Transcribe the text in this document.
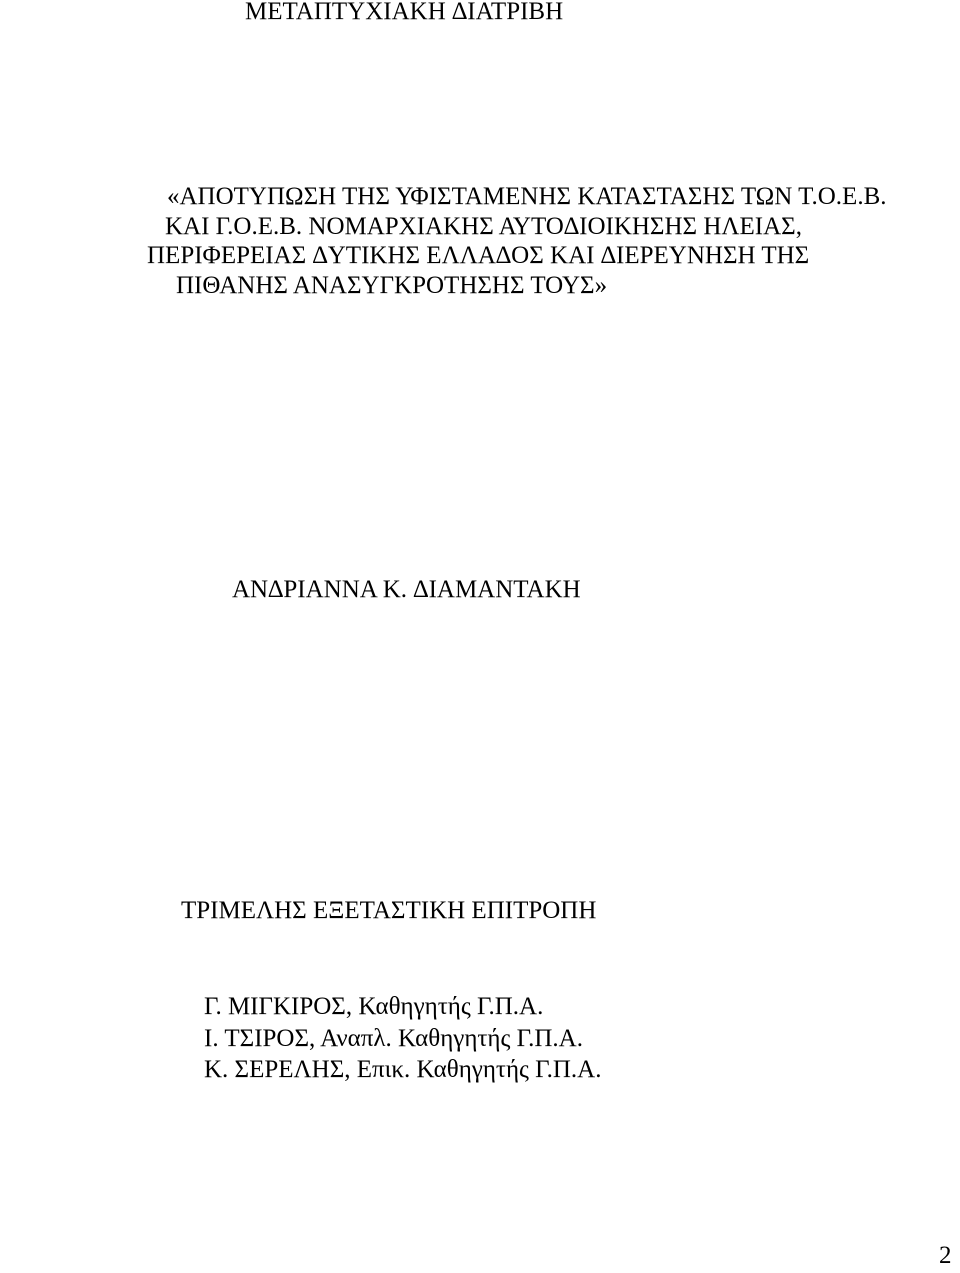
ΜΕΤΑΠΤΥΧΙΑΚΗ ∆ΙΑΤΡΙΒΗ
«ΑΠΟΤΥΠΩΣΗ ΤΗΣ ΥΦΙΣΤΑΜΕΝΗΣ ΚΑΤΑΣΤΑΣΗΣ ΤΩΝ Τ.Ο.Ε.Β.
ΚΑΙ Γ.Ο.Ε.Β. ΝΟΜΑΡΧΙΑΚΗΣ ΑΥΤΟ∆ΙΟΙΚΗΣΗΣ ΗΛΕΙΑΣ,
ΠΕΡΙΦΕΡΕΙΑΣ ∆ΥΤΙΚΗΣ ΕΛΛΑ∆ΟΣ ΚΑΙ ∆ΙΕΡΕΥΝΗΣΗ ΤΗΣ
ΠΙΘΑΝΗΣ ΑΝΑΣΥΓΚΡΟΤΗΣΗΣ ΤΟΥΣ»
ΑΝ∆ΡΙΑΝΝΑ Κ. ∆ΙΑΜΑΝΤΑΚΗ
ΤΡΙΜΕΛΗΣ ΕΞΕΤΑΣΤΙΚΗ ΕΠΙΤΡΟΠΗ
Γ. ΜΙΓΚΙΡΟΣ, Καθηγητής Γ.Π.Α.
Ι. ΤΣΙΡΟΣ, Αναπλ. Καθηγητής Γ.Π.Α.
Κ. ΣΕΡΕΛΗΣ, Επικ. Καθηγητής Γ.Π.Α.
2
